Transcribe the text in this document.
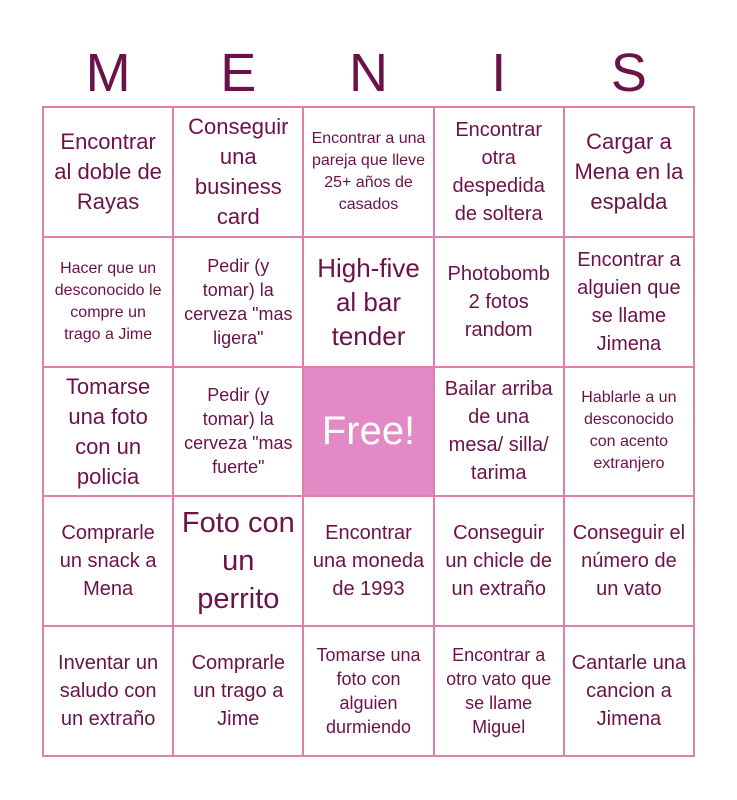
M	E	N	I	S
Encontrar al doble de Rayas
Conseguir una business card
Encontrar a una pareja que lleve 25+ años de casados
Encontrar otra despedida de soltera
Cargar a Mena en la espalda
Hacer que un desconocido le compre un trago a Jime
Pedir (y tomar) la cerveza "mas ligera"
High-five al bar tender
Photobomb 2 fotos random
Encontrar a alguien que se llame Jimena
Tomarse una foto con un policia
Pedir (y tomar) la cerveza "mas fuerte"
Free!
Bailar arriba de una mesa/ silla/ tarima
Hablarle a un desconocido con acento extranjero
Comprarle un snack a Mena
Foto con un perrito
Encontrar una moneda de 1993
Conseguir un chicle de un extraño
Conseguir el número de un vato
Inventar un saludo con un extraño
Comprarle un trago a Jime
Tomarse una foto con alguien durmiendo
Encontrar a otro vato que se llame Miguel
Cantarle una cancion a Jimena
